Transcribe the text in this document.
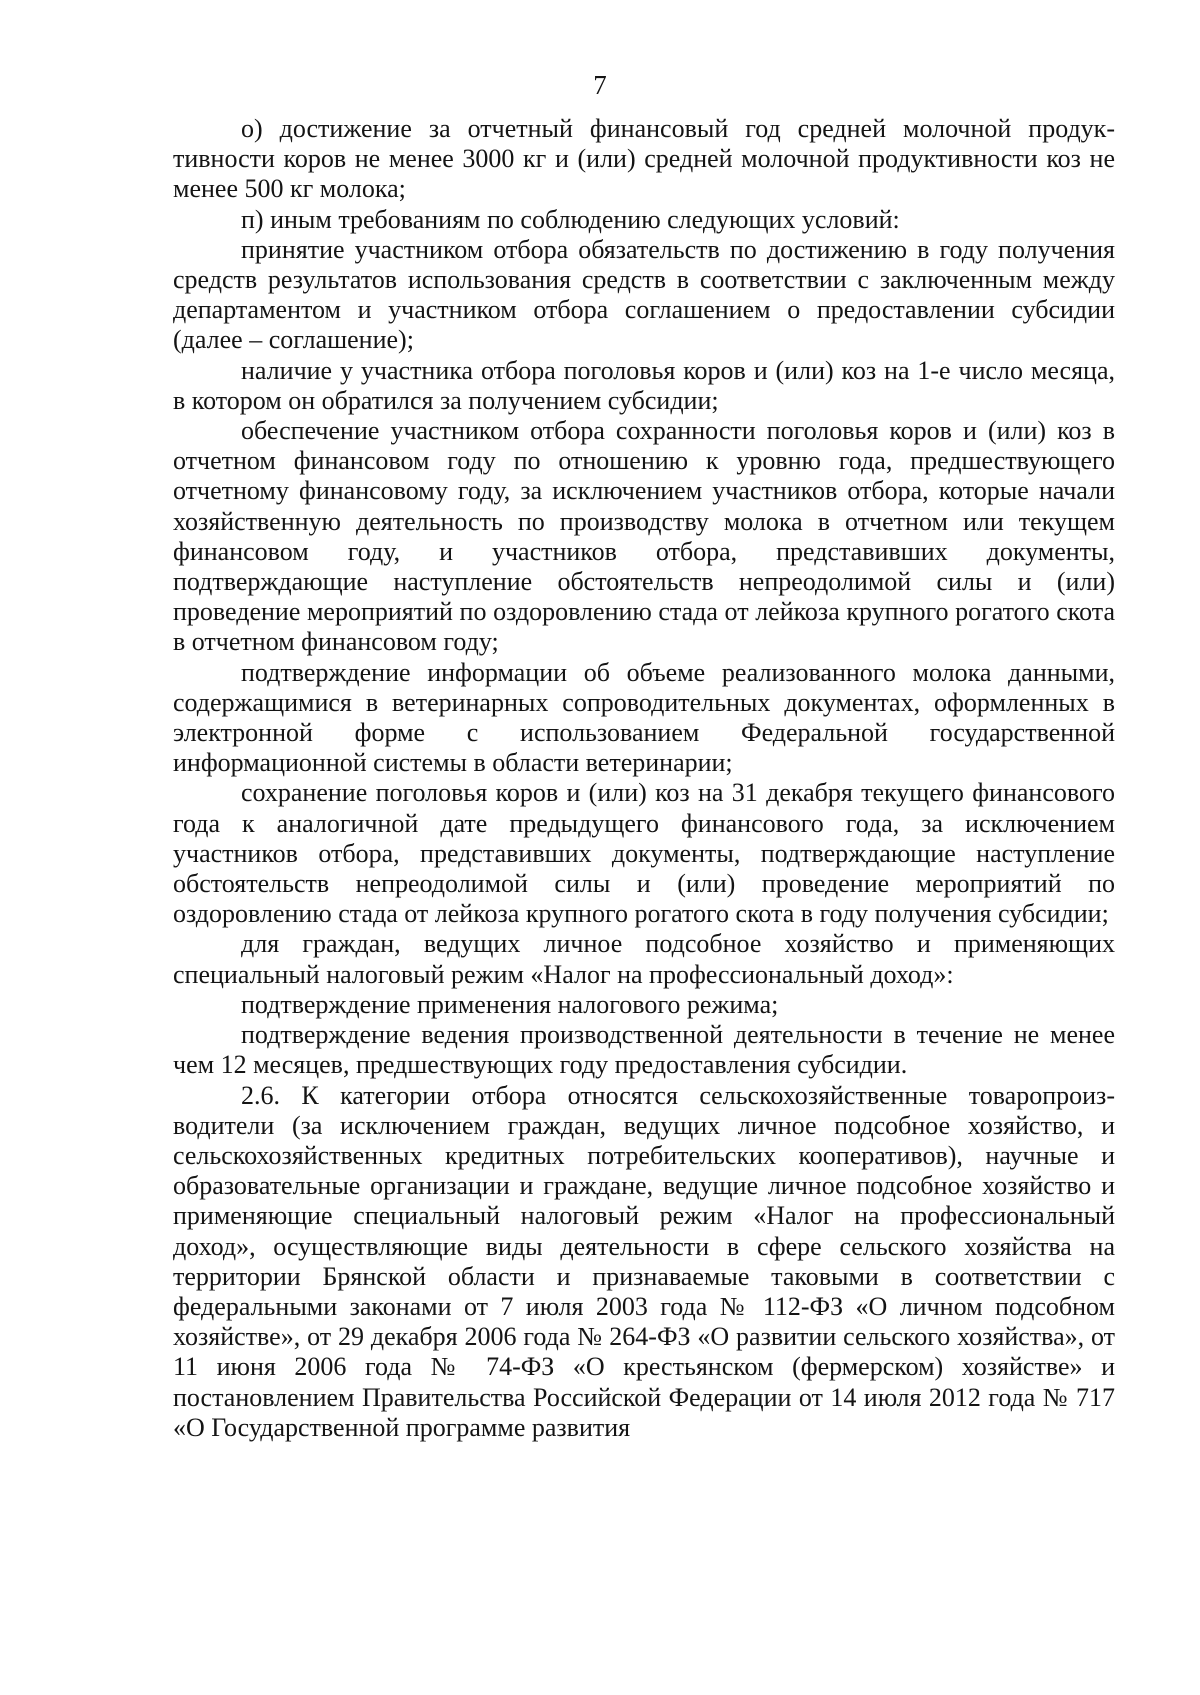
7

о) достижение за отчетный финансовый год средней молочной продуктивности коров не менее 3000 кг и (или) средней молочной продуктивности коз не менее 500 кг молока;

п) иным требованиям по соблюдению следующих условий:

принятие участником отбора обязательств по достижению в году получения средств результатов использования средств в соответствии с заключенным между департаментом и участником отбора соглашением о предоставлении субсидии (далее – соглашение);

наличие у участника отбора поголовья коров и (или) коз на 1-е число месяца, в котором он обратился за получением субсидии;

обеспечение участником отбора сохранности поголовья коров и (или) коз в отчетном финансовом году по отношению к уровню года, предшествующего отчетному финансовому году, за исключением участников отбора, которые начали хозяйственную деятельность по производству молока в отчетном или текущем финансовом году, и участников отбора, представивших документы, подтверждающие наступление обстоятельств непреодолимой силы и (или) проведение мероприятий по оздоровлению стада от лейкоза крупного рогатого скота в отчетном финансовом году;

подтверждение информации об объеме реализованного молока данными, содержащимися в ветеринарных сопроводительных документах, оформленных в электронной форме с использованием Федеральной государственной информационной системы в области ветеринарии;

сохранение поголовья коров и (или) коз на 31 декабря текущего финансового года к аналогичной дате предыдущего финансового года, за исключением участников отбора, представивших документы, подтверждающие наступление обстоятельств непреодолимой силы и (или) проведение мероприятий по оздоровлению стада от лейкоза крупного рогатого скота в году получения субсидии;

для граждан, ведущих личное подсобное хозяйство и применяющих специальный налоговый режим «Налог на профессиональный доход»:

подтверждение применения налогового режима;

подтверждение ведения производственной деятельности в течение не менее чем 12 месяцев, предшествующих году предоставления субсидии.

2.6. К категории отбора относятся сельскохозяйственные товаропроизводители (за исключением граждан, ведущих личное подсобное хозяйство, и сельскохозяйственных кредитных потребительских кооперативов), научные и образовательные организации и граждане, ведущие личное подсобное хозяйство и применяющие специальный налоговый режим «Налог на профессиональный доход», осуществляющие виды деятельности в сфере сельского хозяйства на территории Брянской области и признаваемые таковыми в соответствии с федеральными законами от 7 июля 2003 года № 112-ФЗ «О личном подсобном хозяйстве», от 29 декабря 2006 года № 264-ФЗ «О развитии сельского хозяйства», от 11 июня 2006 года № 74-ФЗ «О крестьянском (фермерском) хозяйстве» и постановлением Правительства Российской Федерации от 14 июля 2012 года № 717 «О Государственной программе развития
